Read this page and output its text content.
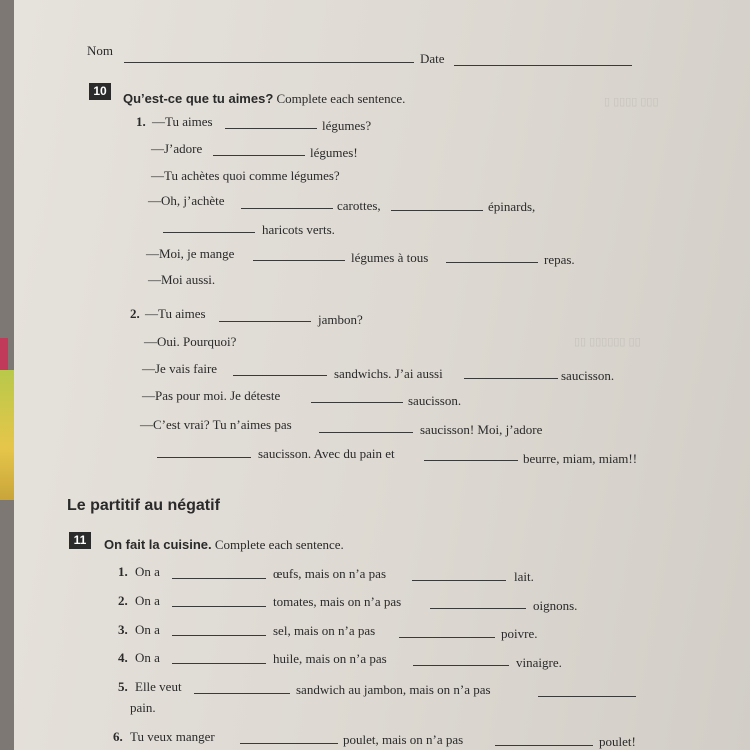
▯ ▯▯▯▯ ▯▯▯
▯▯ ▯▯▯▯▯▯ ▯▯
Nom
Date
10	Qu’est-ce que tu aimes? Complete each sentence.
1. —Tu aimes	légumes?
—J’adore	légumes!
—Tu achètes quoi comme légumes?
—Oh, j’achète	carottes,	épinards,
haricots verts.
—Moi, je mange	légumes à tous	repas.
—Moi aussi.
2. —Tu aimes	jambon?
—Oui. Pourquoi?
—Je vais faire	sandwichs. J’ai aussi	saucisson.
—Pas pour moi. Je déteste	saucisson.
—C’est vrai? Tu n’aimes pas	saucisson! Moi, j’adore
saucisson. Avec du pain et	beurre, miam, miam!!
Le partitif au négatif
11	On fait la cuisine. Complete each sentence.
1. On a	œufs, mais on n’a pas	lait.
2. On a	tomates, mais on n’a pas	oignons.
3. On a	sel, mais on n’a pas	poivre.
4. On a	huile, mais on n’a pas	vinaigre.
5. Elle veut	sandwich au jambon, mais on n’a pas
pain.
6. Tu veux manger	poulet, mais on n’a pas	poulet!
